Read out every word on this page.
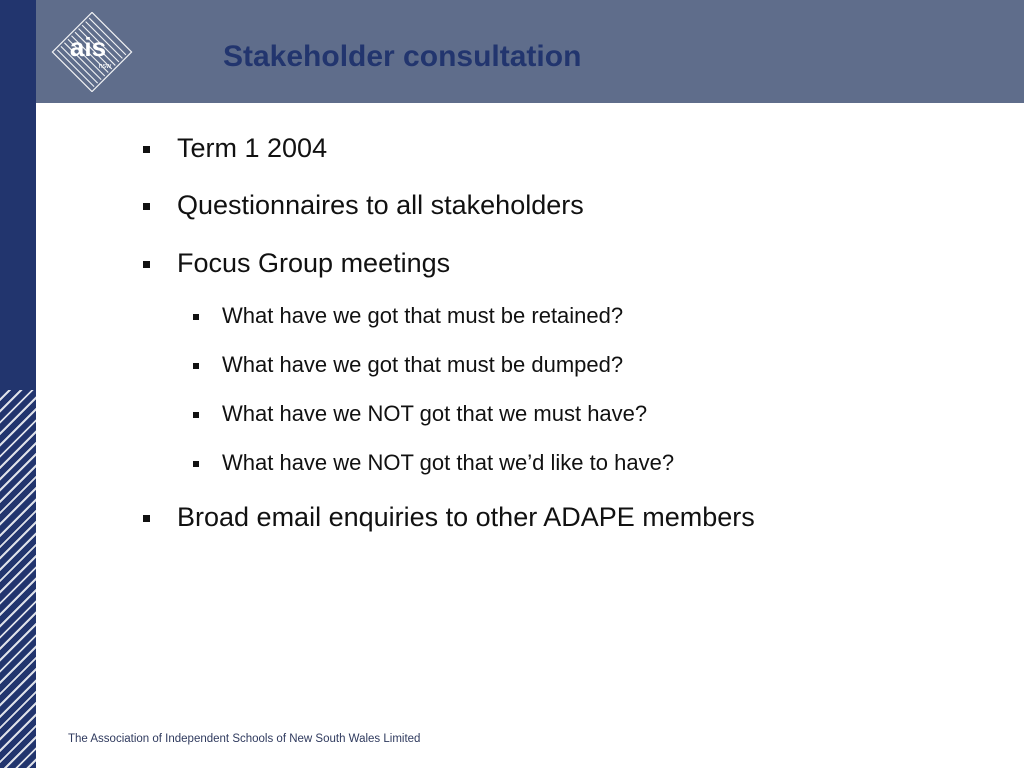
ais
nsw	Stakeholder consultation
Term 1 2004
Questionnaires to all stakeholders
Focus Group meetings
What have we got that must be retained?
What have we got that must be dumped?
What have we NOT got that we must have?
What have we NOT got that we’d like to have?
Broad email enquiries to other ADAPE members
The Association of Independent Schools of New South Wales Limited
